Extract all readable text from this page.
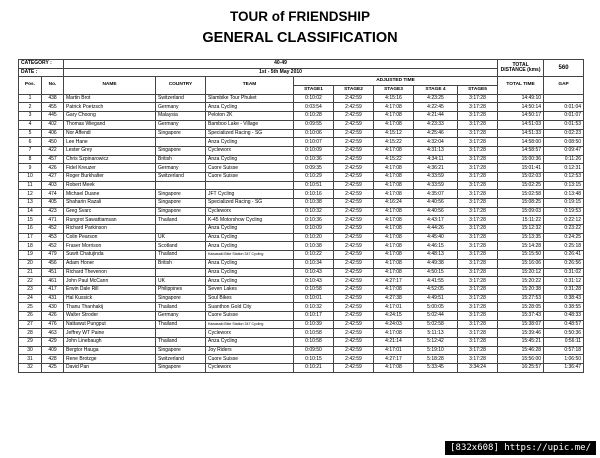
TOUR of FRIENDSHIP
GENERAL CLASSIFICATION
CATEGORY :		40-49								TOTAL DISTANCE (kms)	560
DATE :		1st - 5th May 2010									
Pos.	No.	NAME	COUNTRY	TEAM	ADJUSTED TIME					TOTAL TIME	GAP
					STAGE1	STAGE2	STAGE3	STAGE 4	STAGE5		
1	438	Martin Brot	Switzerland	Slambike Tour Phuket	0:10:02	2:42:59	4:15:16	4:23:25	3:17:28	14:49:10	
2	455	Patrick Poetzsch	Germany	Anza Cycling	0:03:54	2:42:59	4:17:08	4:22:45	3:17:28	14:50:14	0:01:04
3	445	Gary Choong	Malaysia	Peloton 2K	0:10:28	2:42:59	4:17:08	4:21:44	3:17:28	14:50:17	0:01:07
4	402	Thomas Wiegand	Germany	Bamboo Lake - Village	0:09:55	2:42:59	4:17:08	4:23:33	3:17:28	14:51:03	0:01:53
5	406	Nor Affendi	Singapore	Specialized Racing - SG	0:10:06	2:42:59	4:15:12	4:25:46	3:17:28	14:51:33	0:02:23
6	450	Lee Hane		Anza Cycling	0:10:07	2:42:59	4:15:22	4:32:04	3:17:28	14:58:00	0:08:50
7	422	Lester Grey	Singapore	Cycleworx	0:10:09	2:42:59	4:17:08	4:31:13	3:17:28	14:58:57	0:09:47
8	457	Chris Szpinarowicz	British	Anza Cycling	0:10:36	2:42:59	4:15:22	4:34:11	3:17:28	15:00:36	0:11:26
9	426	Fidel Kreuzer	Germany	Cuore Suisse	0:09:35	2:42:59	4:17:08	4:36:21	3:17:28	15:01:41	0:12:31
10	427	Roger Burkhalter	Switzerland	Cuore Suisse	0:10:29	2:42:59	4:17:08	4:33:59	3:17:28	15:02:03	0:12:53
11	403	Robert Meek			0:10:51	2:42:59	4:17:08	4:33:59	3:17:28	15:02:25	0:13:15
12	474	Michael Duane	Singapore	JFT Cycling	0:10:16	2:42:59	4:17:08	4:35:07	3:17:28	15:02:58	0:13:48
13	405	Shaharin Razali	Singapore	Specialized Racing - SG	0:10:38	2:42:59	4:16:24	4:40:56	3:17:28	15:08:25	0:19:15
14	423	Greg Svarc	Singapore	Cycleworx	0:10:32	2:42:59	4:17:08	4:40:56	3:17:28	15:09:03	0:19:53
15	471	Rungrot Sawattiamsan	Thailand	K-45 Motorshow Cycling	0:10:36	2:42:59	4:17:08	4:43:17	3:17:28	15:11:22	0:22:12
16	452	Richard Parkinson		Anza Cycling	0:10:09	2:42:59	4:17:08	4:44:26	3:17:28	15:12:32	0:23:22
17	453	Colin Pearson	UK	Anza Cycling	0:10:20	2:42:59	4:17:08	4:45:40	3:17:28	15:13:35	0:24:25
18	452	Fraser Morrison	Scotland	Anza Cycling	0:10:38	2:42:59	4:17:08	4:46:15	3:17:28	15:14:28	0:25:18
19	479	Suwit Chatujinda	Thailand	Kawasaki Bike Station 347 Cycling	0:10:22	2:42:59	4:17:08	4:48:13	3:17:28	15:15:50	0:26:41
20	456	Adam Honer	British	Anza Cycling	0:10:34	2:42:59	4:17:08	4:49:38	3:17:28	15:16:06	0:26:56
21	451	Richard Thevenon		Anza Cycling	0:10:43	2:42:59	4:17:08	4:50:15	3:17:28	15:20:12	0:31:02
22	461	John Paul McCann	UK	Anza Cycling	0:10:43	2:42:59	4:27:17	4:41:55	3:17:28	15:20:22	0:31:12
23	417	Erwin Dale Rill	Philippines	Seven Lakes	0:10:58	2:42:59	4:17:08	4:52:05	3:17:28	15:20:38	0:31:28
24	431	Hal Kussick	Singapore	Soul Bikes	0:10:01	2:42:59	4:27:38	4:49:51	3:17:28	15:27:53	0:38:43
25	430	Thanu Thanhakij	Thailand	Suanthon Gold City	0:10:32	2:42:59	4:17:01	5:00:05	3:17:28	15:28:05	0:38:55
26	426	Walter Stroder	Germany	Cuore Suisse	0:10:17	2:42:59	4:24:15	5:02:44	3:17:28	15:37:43	0:48:33
27	476	Nattawut Pungput	Thailand	Kawasaki Bike Station 347 Cycling	0:10:39	2:42:59	4:24:03	5:02:58	3:17:28	15:38:07	0:48:57
28	463	Jeffrey WT Paine		Cycleworx	0:10:58	2:42:59	4:17:08	5:11:13	3:17:28	15:39:46	0:50:36
29	429	John Linebaugh	Thailand	Anza Cycling	0:10:58	2:42:59	4:21:14	5:12:42	3:17:28	15:45:21	0:56:11
30	409	Bergtor Hauga	Singapore	Joy Riders	0:09:50	2:42:59	4:17:01	5:19:10	3:17:28	15:46:28	0:57:18
31	428	Rene Brotzge	Switzerland	Cuore Suisse	0:10:15	2:42:59	4:27:17	5:18:28	3:17:28	15:56:00	1:06:50
32	425	David Pan	Singapore	Cycleworx	0:10:21	2:42:59	4:17:08	5:33:45	3:34:24	16:25:57	1:36:47
[832x608] https://upic.me/
